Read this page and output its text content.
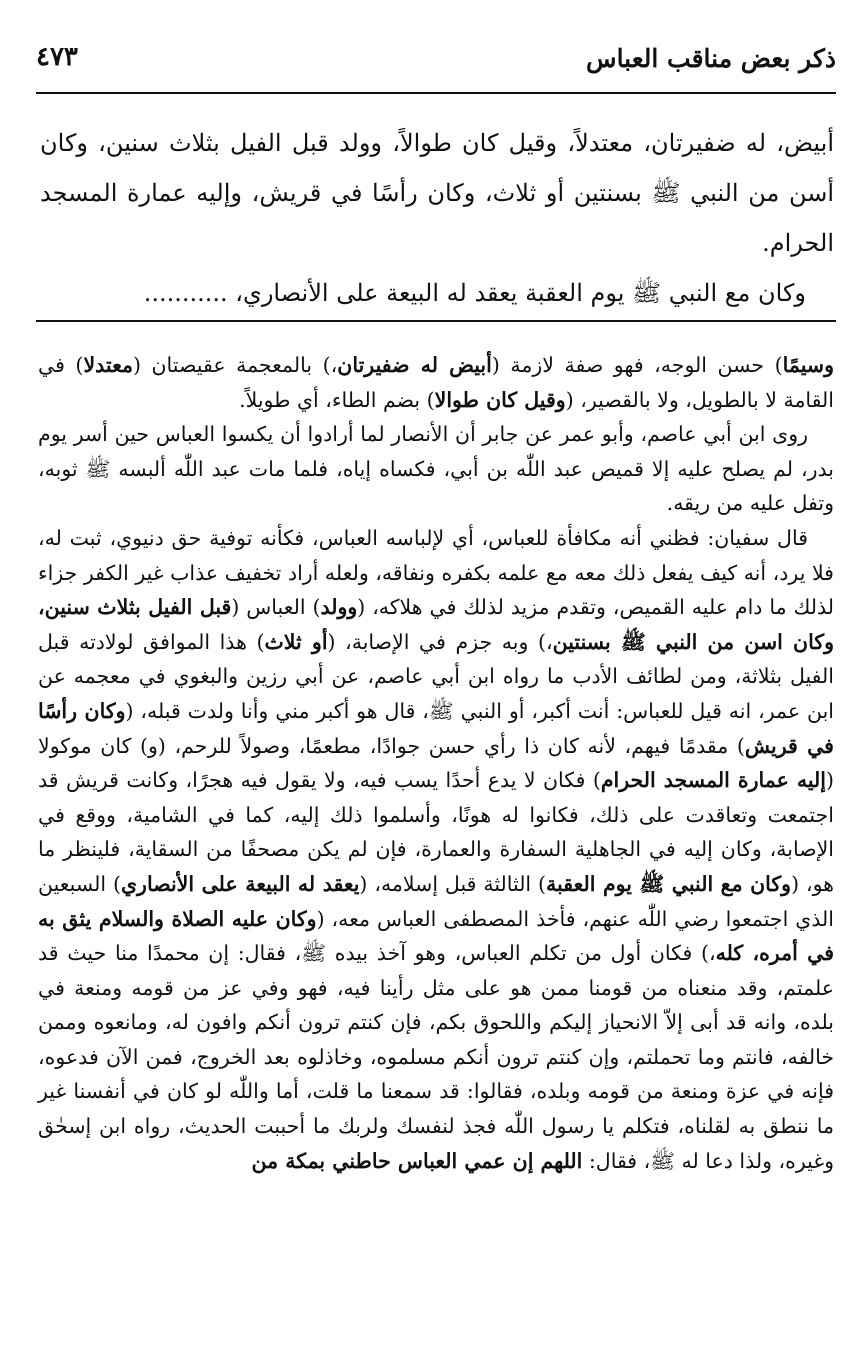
ذكر بعض مناقب العباس
٤٧٣

أبيض، له ضفيرتان، معتدلاً، وقيل كان طوالاً، وولد قبل الفيل بثلاث سنين، وكان أسن من النبي ﷺ بسنتين أو ثلاث، وكان رأسًا في قريش، وإليه عمارة المسجد الحرام.

وكان مع النبي ﷺ يوم العقبة يعقد له البيعة على الأنصاري، ...........

وسيمًا) حسن الوجه، فهو صفة لازمة (أبيض له ضفيرتان،) بالمعجمة عقيصتان (معتدلا) في القامة لا بالطويل، ولا بالقصير، (وقيل كان طوالا) بضم الطاء، أي طويلاً.

روى ابن أبي عاصم، وأبو عمر عن جابر أن الأنصار لما أرادوا أن يكسوا العباس حين أسر يوم بدر، لم يصلح عليه إلا قميص عبد اللّٰه بن أبي، فكساه إياه، فلما مات عبد اللّٰه ألبسه ﷺ ثوبه، وتفل عليه من ريقه.

قال سفيان: فظني أنه مكافأة للعباس، أي لإلباسه العباس، فكأنه توفية حق دنيوي، ثبت له، فلا يرد، أنه كيف يفعل ذلك معه مع علمه بكفره ونفاقه، ولعله أراد تخفيف عذاب غير الكفر جزاء لذلك ما دام عليه القميص، وتقدم مزيد لذلك في هلاكه، (وولد) العباس (قبل الفيل بثلاث سنين، وكان اسن من النبي ﷺ بسنتين،) وبه جزم في الإصابة، (أو ثلاث) هذا الموافق لولادته قبل الفيل بثلاثة، ومن لطائف الأدب ما رواه ابن أبي عاصم، عن أبي رزين والبغوي في معجمه عن ابن عمر، انه قيل للعباس: أنت أكبر، أو النبي ﷺ، قال هو أكبر مني وأنا ولدت قبله، (وكان رأسًا في قريش) مقدمًا فيهم، لأنه كان ذا رأي حسن جوادًا، مطعمًا، وصولاً للرحم، (و) كان موكولا (إليه عمارة المسجد الحرام) فكان لا يدع أحدًا يسب فيه، ولا يقول فيه هجرًا، وكانت قريش قد اجتمعت وتعاقدت على ذلك، فكانوا له هونًا، وأسلموا ذلك إليه، كما في الشامية، ووقع في الإصابة، وكان إليه في الجاهلية السفارة والعمارة، فإن لم يكن مصحفًا من السقاية، فلينظر ما هو، (وكان مع النبي ﷺ يوم العقبة) الثالثة قبل إسلامه، (يعقد له البيعة على الأنصاري) السبعين الذي اجتمعوا رضي اللّٰه عنهم، فأخذ المصطفى العباس معه، (وكان عليه الصلاة والسلام يثق به في أمره، كله،) فكان أول من تكلم العباس، وهو آخذ بيده ﷺ، فقال: إن محمدًا منا حيث قد علمتم، وقد منعناه من قومنا ممن هو على مثل رأينا فيه، فهو وفي عز من قومه ومنعة في بلده، وانه قد أبى إلاّ الانحياز إليكم واللحوق بكم، فإن كنتم ترون أنكم وافون له، ومانعوه وممن خالفه، فانتم وما تحملتم، وإن كنتم ترون أنكم مسلموه، وخاذلوه بعد الخروج، فمن الآن فدعوه، فإنه في عزة ومنعة من قومه وبلده، فقالوا: قد سمعنا ما قلت، أما واللّٰه لو كان في أنفسنا غير ما ننطق به لقلناه، فتكلم يا رسول اللّٰه فجذ لنفسك ولربك ما أحببت الحديث، رواه ابن إسحٰق وغيره، ولذا دعا له ﷺ، فقال: اللهم إن عمي العباس حاطني بمكة من
